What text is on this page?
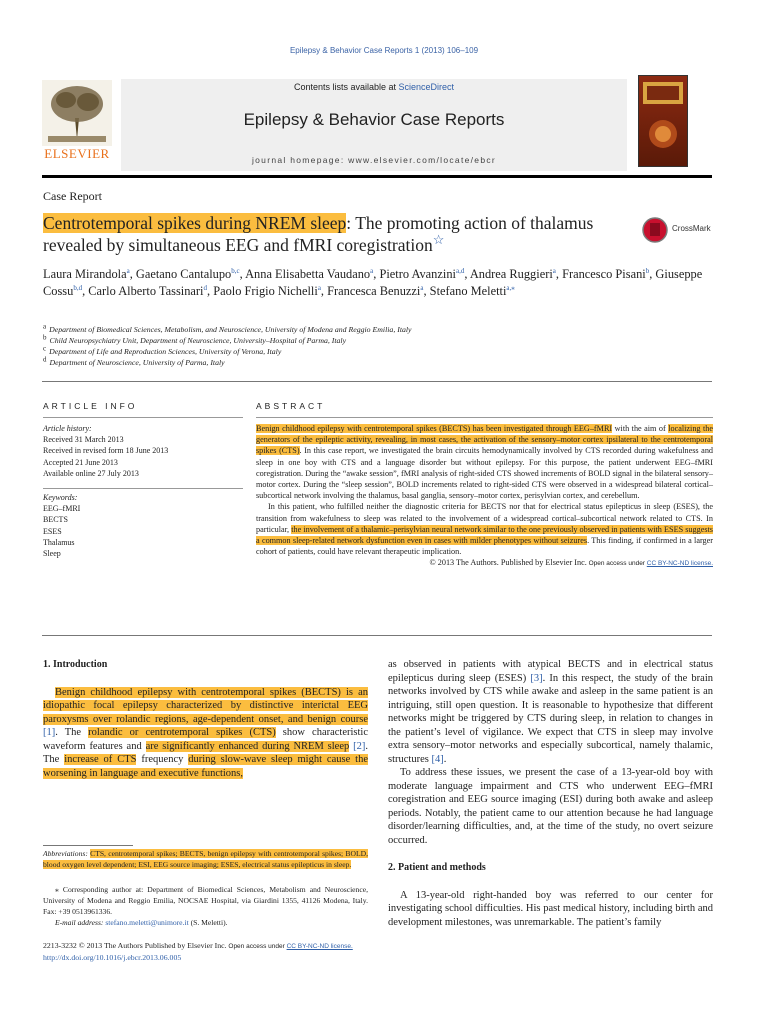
Epilepsy & Behavior Case Reports 1 (2013) 106–109
ELSEVIER
Contents lists available at ScienceDirect
Epilepsy & Behavior Case Reports
journal homepage: www.elsevier.com/locate/ebcr
Case Report
Centrotemporal spikes during NREM sleep: The promoting action of thalamus revealed by simultaneous EEG and fMRI coregistration☆
CrossMark
Laura Mirandola$^a$, Gaetano Cantalupo$^{b,c}$, Anna Elisabetta Vaudano$^a$, Pietro Avanzini$^{a,d}$, Andrea Ruggieri$^a$, Francesco Pisani$^b$, Giuseppe Cossu$^{b,d}$, Carlo Alberto Tassinari$^d$, Paolo Frigio Nichelli$^a$, Francesca Benuzzi$^a$, Stefano Meletti$^{a,⁎}$
$^a$ Department of Biomedical Sciences, Metabolism, and Neuroscience, University of Modena and Reggio Emilia, Italy
$^b$ Child Neuropsychiatry Unit, Department of Neuroscience, University–Hospital of Parma, Italy
$^c$ Department of Life and Reproduction Sciences, University of Verona, Italy
$^d$ Department of Neuroscience, University of Parma, Italy
ARTICLE INFO	ABSTRACT
Article history:
Received 31 March 2013
Received in revised form 18 June 2013
Accepted 21 June 2013
Available online 27 July 2013
Keywords:
EEG–fMRI
BECTS
ESES
Thalamus
Sleep

Benign childhood epilepsy with centrotemporal spikes (BECTS) has been investigated through EEG–fMRI with the aim of localizing the generators of the epileptic activity, revealing, in most cases, the activation of the sensory–motor cortex ipsilateral to the centrotemporal spikes (CTS). In this case report, we investigated the brain circuits hemodynamically involved by CTS recorded during wakefulness and sleep in one boy with CTS and a language disorder but without epilepsy. For this purpose, the patient underwent EEG–fMRI coregistration. During the “awake session”, fMRI analysis of right-sided CTS showed increments of BOLD signal in the bilateral sensory–motor cortex. During the “sleep session”, BOLD increments related to right-sided CTS were observed in a widespread bilateral cortical–subcortical network involving the thalamus, basal ganglia, sensory–motor cortex, perisylvian cortex, and cerebellum.

In this patient, who fulfilled neither the diagnostic criteria for BECTS nor that for electrical status epilepticus in sleep (ESES), the transition from wakefulness to sleep was related to the involvement of a widespread cortical–subcortical network related to CTS. In particular, the involvement of a thalamic–perisylvian neural network similar to the one previously observed in patients with ESES suggests a common sleep-related network dysfunction even in cases with milder phenotypes without seizures. This finding, if confirmed in a larger cohort of patients, could have relevant therapeutic implication.

© 2013 The Authors. Published by Elsevier Inc. Open access under CC BY-NC-ND license.

1. Introduction

Benign childhood epilepsy with centrotemporal spikes (BECTS) is an idiopathic focal epilepsy characterized by distinctive interictal EEG paroxysms over rolandic regions, age-dependent onset, and benign course [1]. The rolandic or centrotemporal spikes (CTS) show characteristic waveform features and are significantly enhanced during NREM sleep [2]. The increase of CTS frequency during slow-wave sleep might cause the worsening in language and executive functions,

as observed in patients with atypical BECTS and in electrical status epilepticus during sleep (ESES) [3]. In this respect, the study of the brain networks involved by CTS while awake and asleep in the same patient is an intriguing, still open question. It is reasonable to hypothesize that different networks might be triggered by CTS during sleep, in relation to changes in the patient’s level of vigilance. We expect that CTS in sleep may involve extra sensory–motor networks and especially subcortical, namely thalamic, structures [4].

To address these issues, we present the case of a 13-year-old boy with moderate language impairment and CTS who underwent EEG–fMRI coregistration and EEG source imaging (ESI) during both awake and asleep periods. Notably, the patient came to our attention because he had language disorder/learning difficulties, and, at the time of the study, no overt seizure occurred.

2. Patient and methods

A 13-year-old right-handed boy was referred to our center for investigating school difficulties. His past medical history, including birth and development milestones, was unremarkable. The patient’s family

Abbreviations: CTS, centrotemporal spikes; BECTS, benign epilepsy with centrotemporal spikes; BOLD, blood oxygen level dependent; ESI, EEG source imaging; ESES, electrical status epilepticus in sleep.
⁎ Corresponding author at: Department of Biomedical Sciences, Metabolism and Neuroscience, University of Modena and Reggio Emilia, NOCSAE Hospital, via Giardini 1355, 41126 Modena, Italy. Fax: +39 0513961336.
E-mail address: stefano.meletti@unimore.it (S. Meletti).
2213-3232 © 2013 The Authors Published by Elsevier Inc. Open access under CC BY-NC-ND license.
http://dx.doi.org/10.1016/j.ebcr.2013.06.005
